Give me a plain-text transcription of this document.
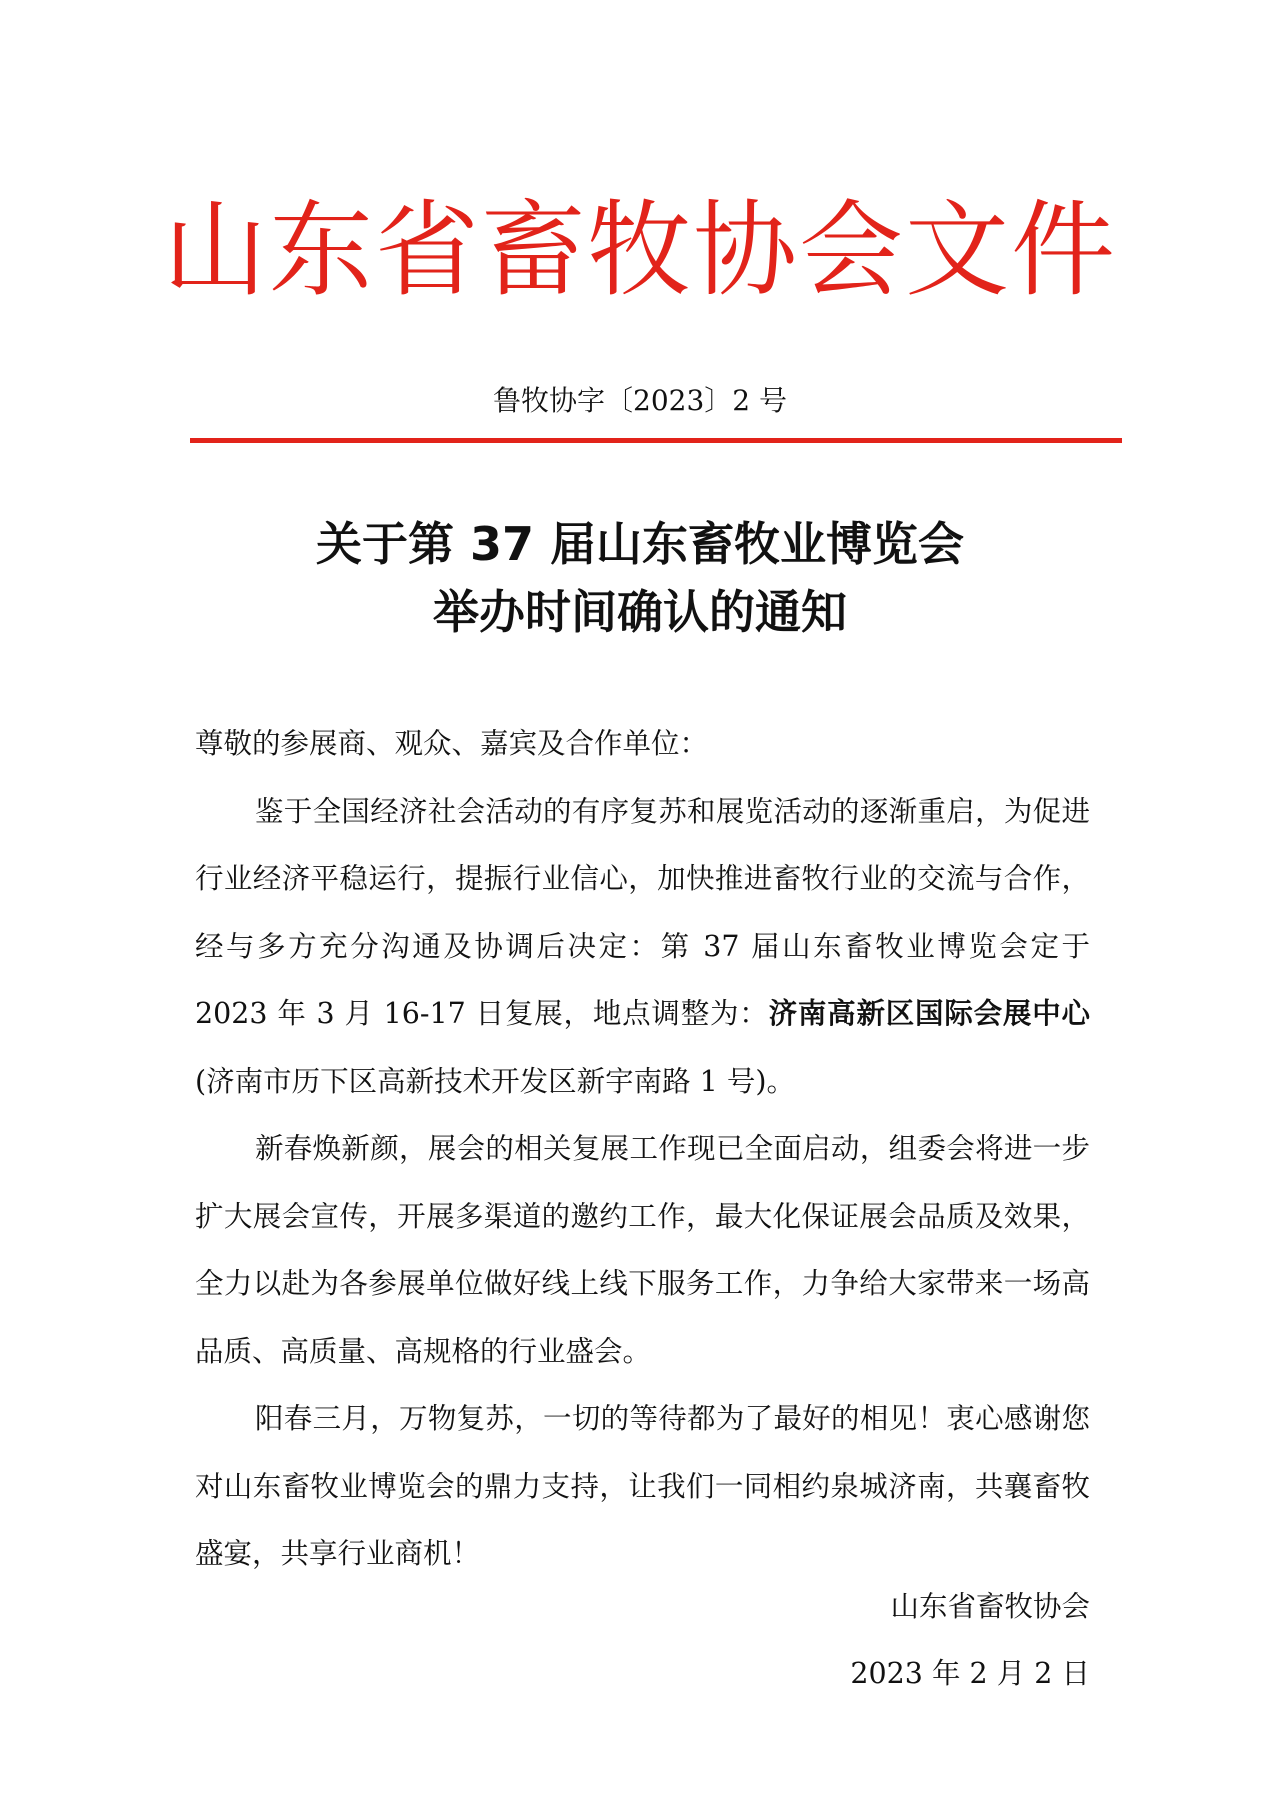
山东省畜牧协会文件
鲁牧协字〔2023〕2 号
关于第 37 届山东畜牧业博览会
举办时间确认的通知

尊敬的参展商、观众、嘉宾及合作单位：

鉴于全国经济社会活动的有序复苏和展览活动的逐渐重启，为促进行业经济平稳运行，提振行业信心，加快推进畜牧行业的交流与合作，经与多方充分沟通及协调后决定：第 37 届山东畜牧业博览会定于 2023 年 3 月 16-17 日复展，地点调整为：济南高新区国际会展中心(济南市历下区高新技术开发区新宇南路 1 号)。

新春焕新颜，展会的相关复展工作现已全面启动，组委会将进一步扩大展会宣传，开展多渠道的邀约工作，最大化保证展会品质及效果，全力以赴为各参展单位做好线上线下服务工作，力争给大家带来一场高品质、高质量、高规格的行业盛会。

阳春三月，万物复苏，一切的等待都为了最好的相见！衷心感谢您对山东畜牧业博览会的鼎力支持，让我们一同相约泉城济南，共襄畜牧盛宴，共享行业商机！

山东省畜牧协会
2023 年 2 月 2 日
